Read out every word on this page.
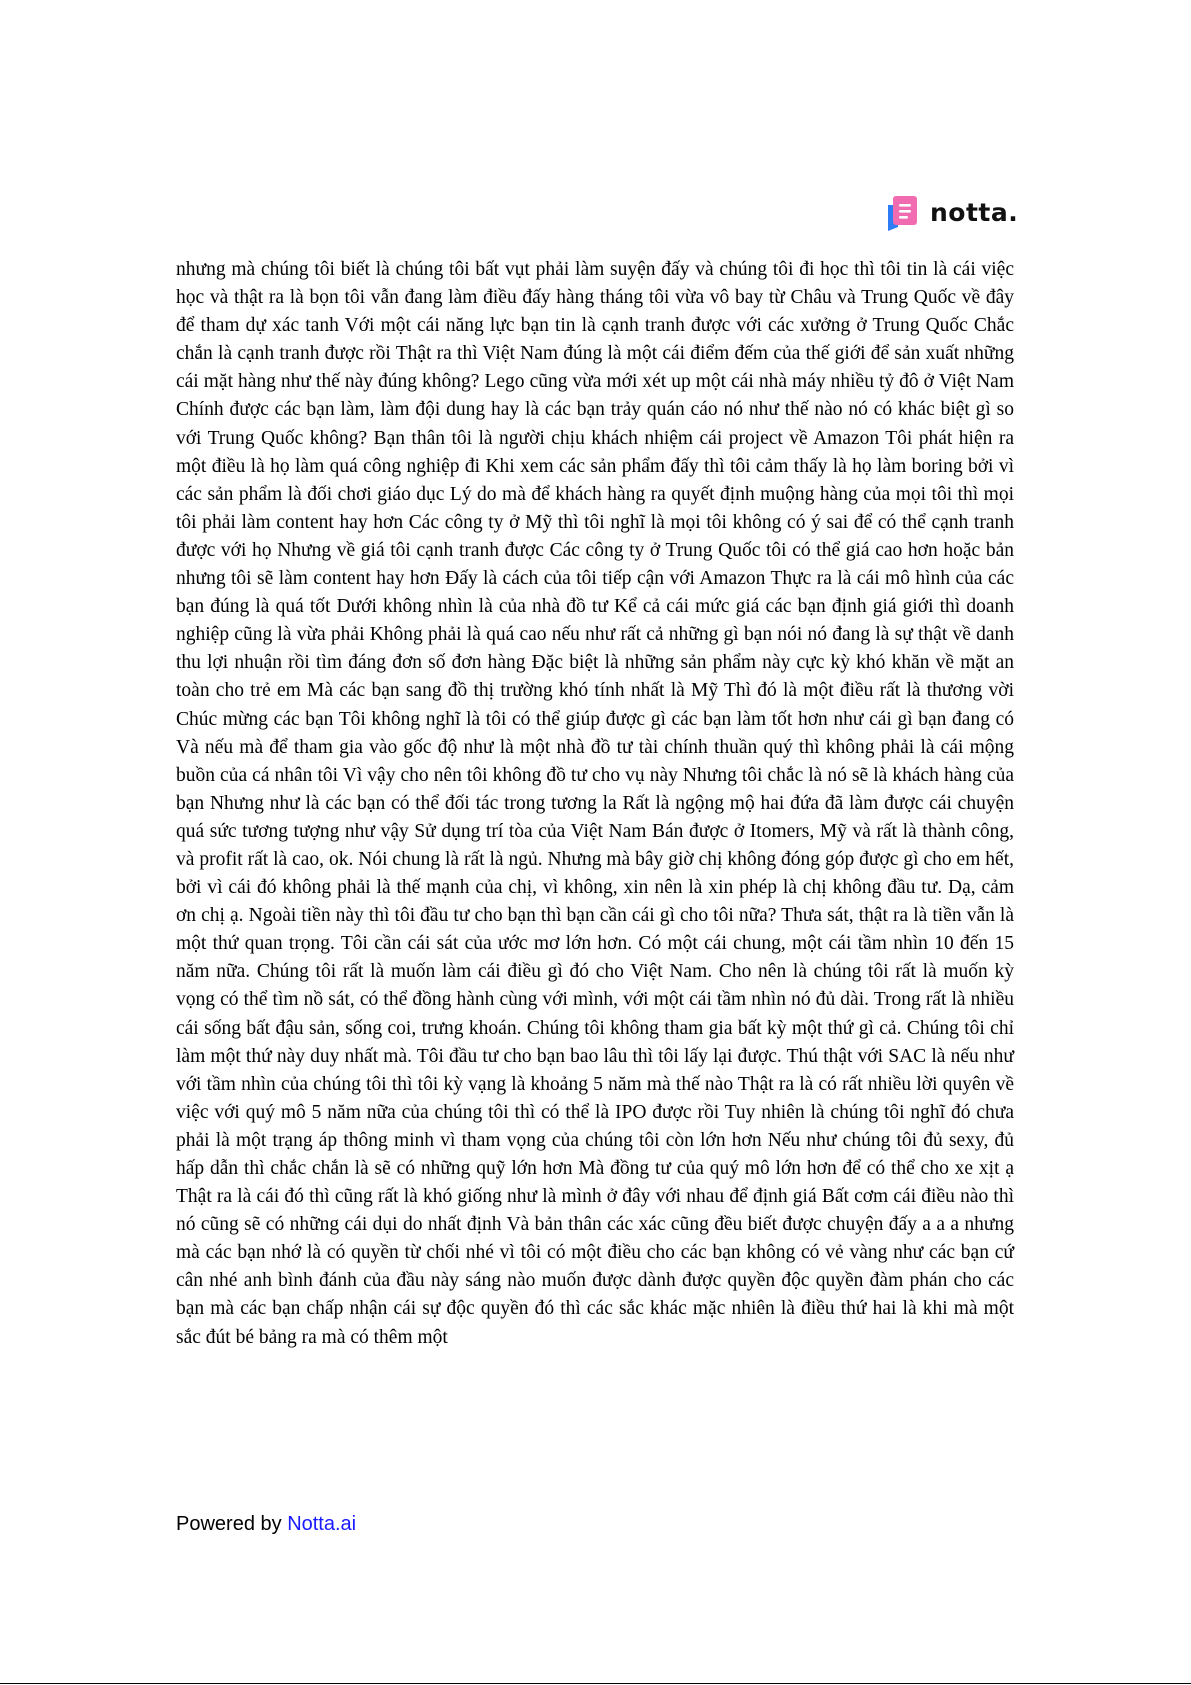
notta.

nhưng mà chúng tôi biết là chúng tôi bất vụt phải làm suyện đấy và chúng tôi đi học thì tôi tin là cái việc học và thật ra là bọn tôi vẫn đang làm điều đấy hàng tháng tôi vừa vô bay từ Châu và Trung Quốc về đây để tham dự xác tanh Với một cái năng lực bạn tin là cạnh tranh được với các xưởng ở Trung Quốc Chắc chắn là cạnh tranh được rồi Thật ra thì Việt Nam đúng là một cái điểm đếm của thế giới để sản xuất những cái mặt hàng như thế này đúng không? Lego cũng vừa mới xét up một cái nhà máy nhiều tỷ đô ở Việt Nam Chính được các bạn làm, làm đội dung hay là các bạn trảy quán cáo nó như thế nào nó có khác biệt gì so với Trung Quốc không? Bạn thân tôi là người chịu khách nhiệm cái project về Amazon Tôi phát hiện ra một điều là họ làm quá công nghiệp đi Khi xem các sản phẩm đấy thì tôi cảm thấy là họ làm boring bởi vì các sản phẩm là đối chơi giáo dục Lý do mà để khách hàng ra quyết định muộng hàng của mọi tôi thì mọi tôi phải làm content hay hơn Các công ty ở Mỹ thì tôi nghĩ là mọi tôi không có ý sai để có thể cạnh tranh được với họ Nhưng về giá tôi cạnh tranh được Các công ty ở Trung Quốc tôi có thể giá cao hơn hoặc bản nhưng tôi sẽ làm content hay hơn Đấy là cách của tôi tiếp cận với Amazon Thực ra là cái mô hình của các bạn đúng là quá tốt Dưới không nhìn là của nhà đồ tư Kể cả cái mức giá các bạn định giá giới thì doanh nghiệp cũng là vừa phải Không phải là quá cao nếu như rất cả những gì bạn nói nó đang là sự thật về danh thu lợi nhuận rồi tìm đáng đơn số đơn hàng Đặc biệt là những sản phẩm này cực kỳ khó khăn về mặt an toàn cho trẻ em Mà các bạn sang đồ thị trường khó tính nhất là Mỹ Thì đó là một điều rất là thương vời Chúc mừng các bạn Tôi không nghĩ là tôi có thể giúp được gì các bạn làm tốt hơn như cái gì bạn đang có Và nếu mà để tham gia vào gốc độ như là một nhà đồ tư tài chính thuần quý thì không phải là cái mộng buồn của cá nhân tôi Vì vậy cho nên tôi không đồ tư cho vụ này Nhưng tôi chắc là nó sẽ là khách hàng của bạn Nhưng như là các bạn có thể đối tác trong tương la Rất là ngộng mộ hai đứa đã làm được cái chuyện quá sức tương tượng như vậy Sử dụng trí tòa của Việt Nam Bán được ở Itomers, Mỹ và rất là thành công, và profit rất là cao, ok. Nói chung là rất là ngủ. Nhưng mà bây giờ chị không đóng góp được gì cho em hết, bởi vì cái đó không phải là thế mạnh của chị, vì không, xin nên là xin phép là chị không đầu tư. Dạ, cảm ơn chị ạ. Ngoài tiền này thì tôi đầu tư cho bạn thì bạn cần cái gì cho tôi nữa? Thưa sát, thật ra là tiền vẫn là một thứ quan trọng. Tôi cần cái sát của ước mơ lớn hơn. Có một cái chung, một cái tầm nhìn 10 đến 15 năm nữa. Chúng tôi rất là muốn làm cái điều gì đó cho Việt Nam. Cho nên là chúng tôi rất là muốn kỳ vọng có thể tìm nồ sát, có thể đồng hành cùng với mình, với một cái tầm nhìn nó đủ dài. Trong rất là nhiều cái sống bất đậu sản, sống coi, trưng khoán. Chúng tôi không tham gia bất kỳ một thứ gì cả. Chúng tôi chỉ làm một thứ này duy nhất mà. Tôi đầu tư cho bạn bao lâu thì tôi lấy lại được. Thú thật với SAC là nếu như với tầm nhìn của chúng tôi thì tôi kỳ vạng là khoảng 5 năm mà thế nào Thật ra là có rất nhiều lời quyên về việc với quý mô 5 năm nữa của chúng tôi thì có thể là IPO được rồi Tuy nhiên là chúng tôi nghĩ đó chưa phải là một trạng áp thông minh vì tham vọng của chúng tôi còn lớn hơn Nếu như chúng tôi đủ sexy, đủ hấp dẫn thì chắc chắn là sẽ có những quỹ lớn hơn Mà đồng tư của quý mô lớn hơn để có thể cho xe xịt ạ Thật ra là cái đó thì cũng rất là khó giống như là mình ở đây với nhau để định giá Bất cơm cái điều nào thì nó cũng sẽ có những cái dụi do nhất định Và bản thân các xác cũng đều biết được chuyện đấy a a a nhưng mà các bạn nhớ là có quyền từ chối nhé vì tôi có một điều cho các bạn không có vẻ vàng như các bạn cứ cân nhé anh bình đánh của đầu này sáng nào muốn được dành được quyền độc quyền đàm phán cho các bạn mà các bạn chấp nhận cái sự độc quyền đó thì các sắc khác mặc nhiên là điều thứ hai là khi mà một sắc đút bé bảng ra mà có thêm một

Powered by Notta.ai
